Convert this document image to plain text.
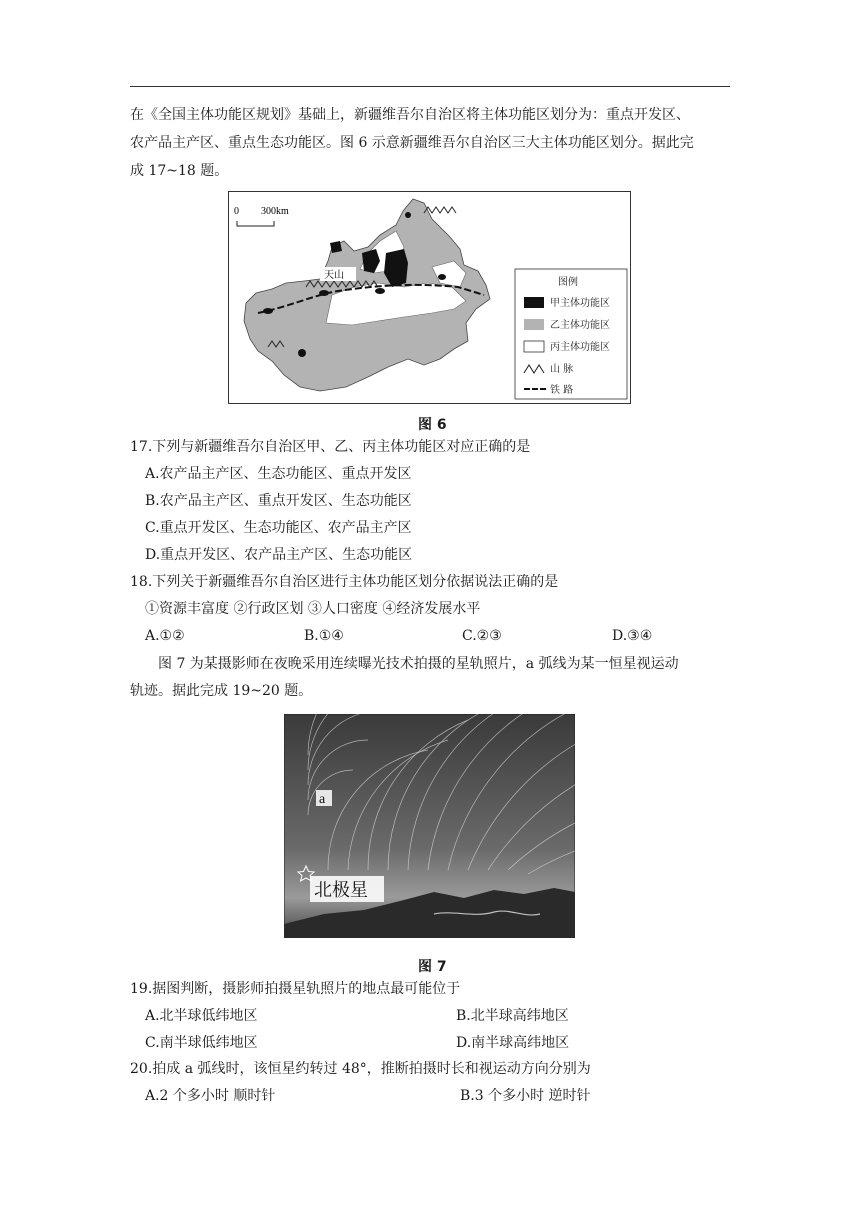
在《全国主体功能区规划》基础上，新疆维吾尔自治区将主体功能区划分为：重点开发区、
农产品主产区、重点生态功能区。图 6 示意新疆维吾尔自治区三大主体功能区划分。据此完
成 17~18 题。
0 300km
天山
图例
甲主体功能区
乙主体功能区
丙主体功能区
山 脉
铁 路
图 6
17.下列与新疆维吾尔自治区甲、乙、丙主体功能区对应正确的是
A.农产品主产区、生态功能区、重点开发区
B.农产品主产区、重点开发区、生态功能区
C.重点开发区、生态功能区、农产品主产区
D.重点开发区、农产品主产区、生态功能区
18.下列关于新疆维吾尔自治区进行主体功能区划分依据说法正确的是
①资源丰富度 ②行政区划 ③人口密度 ④经济发展水平
A.①②	B.①④	C.②③	D.③④
图 7 为某摄影师在夜晚采用连续曝光技术拍摄的星轨照片，a 弧线为某一恒星视运动
轨迹。据此完成 19~20 题。
a
北极星
图 7
19.据图判断，摄影师拍摄星轨照片的地点最可能位于
A.北半球低纬地区	B.北半球高纬地区
C.南半球低纬地区	D.南半球高纬地区
20.拍成 a 弧线时，该恒星约转过 48°，推断拍摄时长和视运动方向分别为
A.2 个多小时 顺时针	B.3 个多小时 逆时针
